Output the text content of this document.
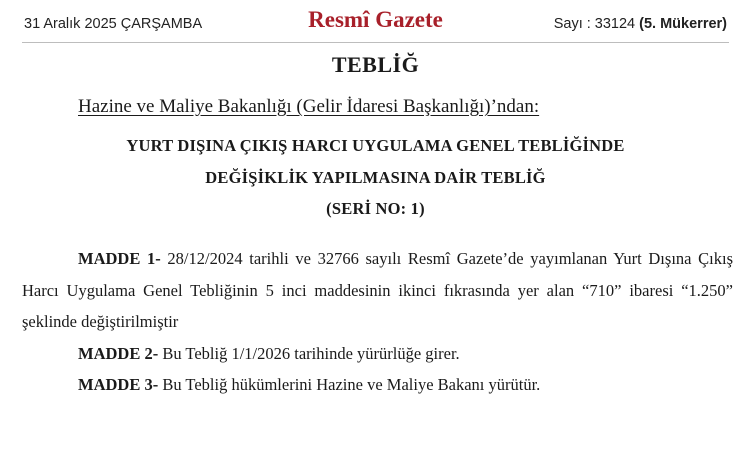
31 Aralık 2025 ÇARŞAMBA	Resmî Gazete	Sayı : 33124 (5. Mükerrer)
TEBLİĞ
Hazine ve Maliye Bakanlığı (Gelir İdaresi Başkanlığı)’ndan:
YURT DIŞINA ÇIKIŞ HARCI UYGULAMA GENEL TEBLİĞİNDE
DEĞİŞİKLİK YAPILMASINA DAİR TEBLİĞ
(SERİ NO: 1)

MADDE 1- 28/12/2024 tarihli ve 32766 sayılı Resmî Gazete’de yayımlanan Yurt Dışına Çıkış Harcı Uygulama Genel Tebliğinin 5 inci maddesinin ikinci fıkrasında yer alan “710” ibaresi “1.250” şeklinde değiştirilmiştir

MADDE 2- Bu Tebliğ 1/1/2026 tarihinde yürürlüğe girer.

MADDE 3- Bu Tebliğ hükümlerini Hazine ve Maliye Bakanı yürütür.
